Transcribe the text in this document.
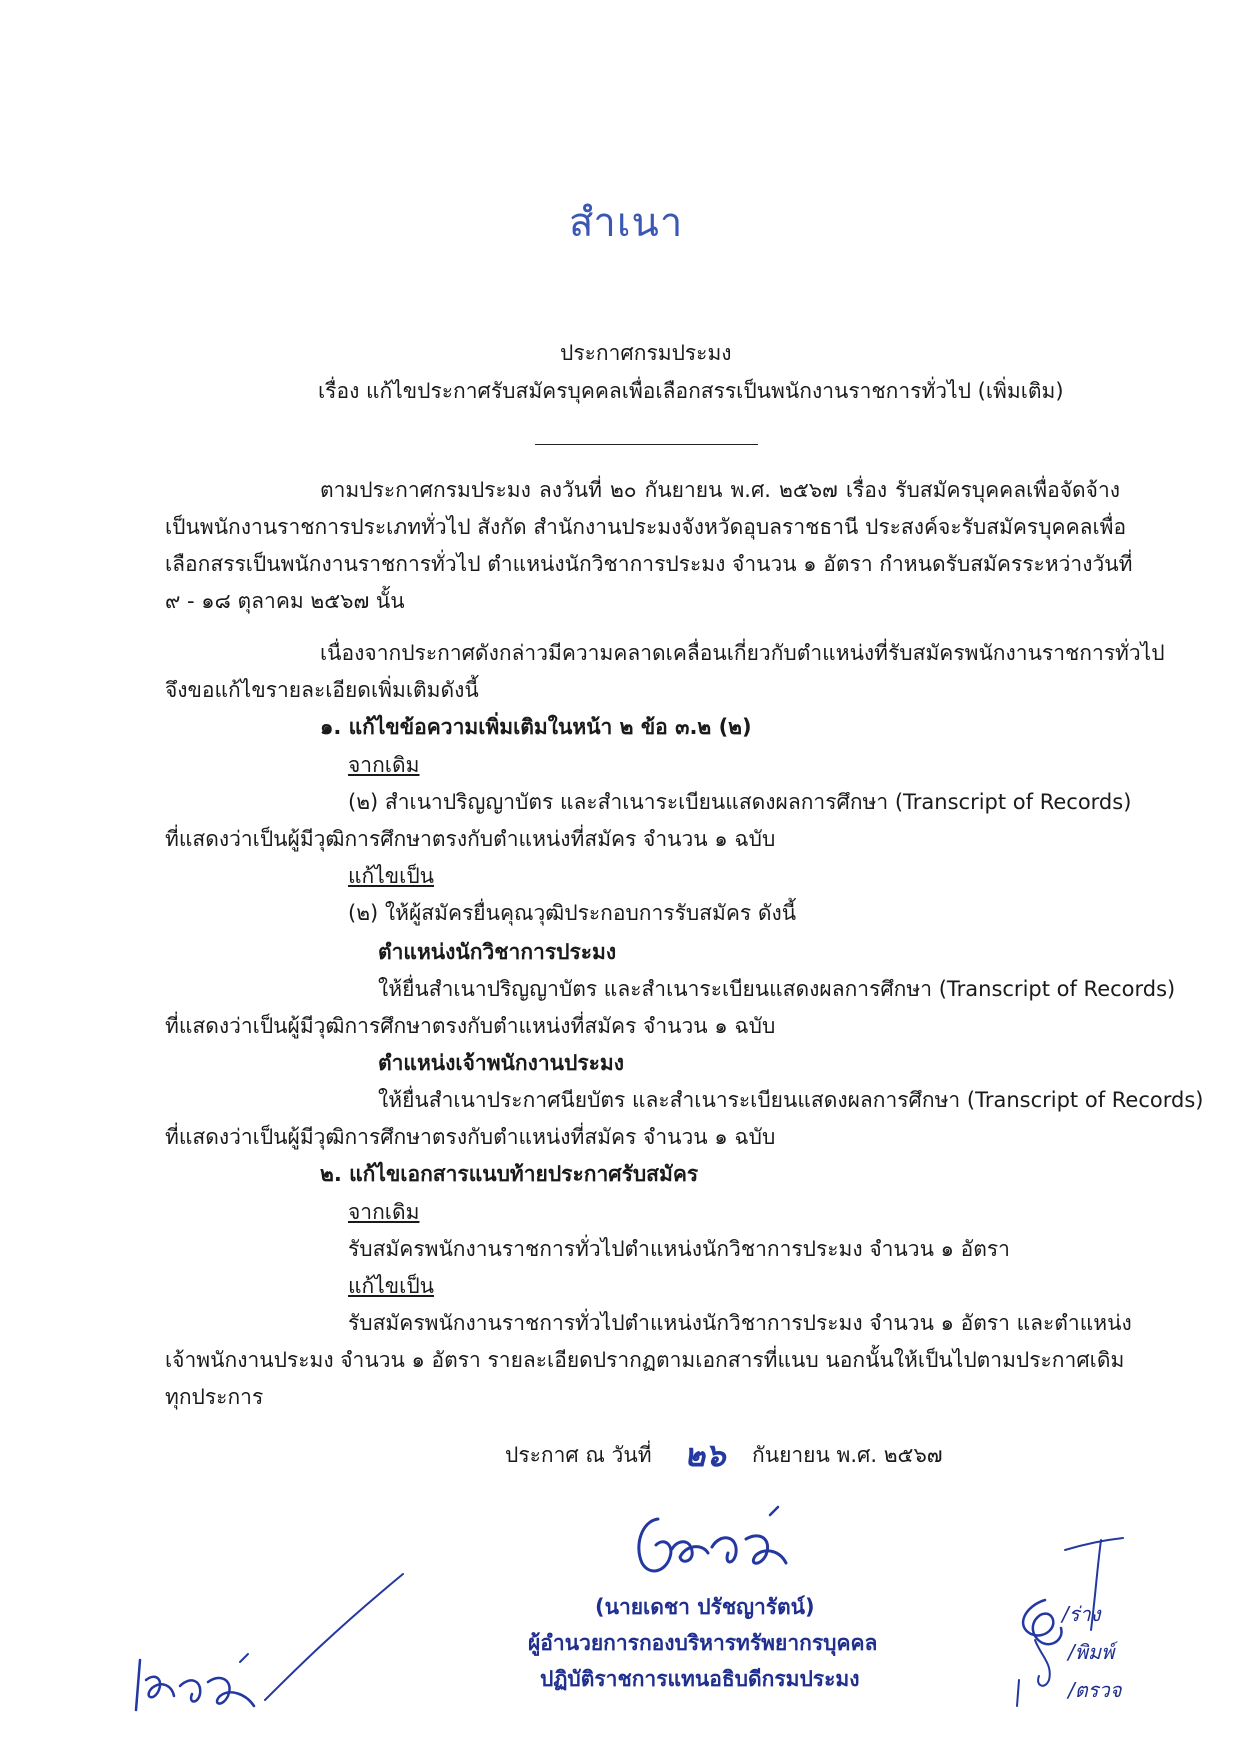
สำเนา
ประกาศกรมประมง
เรื่อง แก้ไขประกาศรับสมัครบุคคลเพื่อเลือกสรรเป็นพนักงานราชการทั่วไป (เพิ่มเติม)
ตามประกาศกรมประมง ลงวันที่ ๒๐ กันยายน พ.ศ. ๒๕๖๗ เรื่อง รับสมัครบุคคลเพื่อจัดจ้าง
เป็นพนักงานราชการประเภททั่วไป สังกัด สำนักงานประมงจังหวัดอุบลราชธานี ประสงค์จะรับสมัครบุคคลเพื่อ
เลือกสรรเป็นพนักงานราชการทั่วไป ตำแหน่งนักวิชาการประมง จำนวน ๑ อัตรา กำหนดรับสมัครระหว่างวันที่
๙ - ๑๘ ตุลาคม ๒๕๖๗ นั้น
เนื่องจากประกาศดังกล่าวมีความคลาดเคลื่อนเกี่ยวกับตำแหน่งที่รับสมัครพนักงานราชการทั่วไป
จึงขอแก้ไขรายละเอียดเพิ่มเติมดังนี้
๑. แก้ไขข้อความเพิ่มเติมในหน้า ๒ ข้อ ๓.๒ (๒)
จากเดิม
(๒) สำเนาปริญญาบัตร และสำเนาระเบียนแสดงผลการศึกษา (Transcript of Records)
ที่แสดงว่าเป็นผู้มีวุฒิการศึกษาตรงกับตำแหน่งที่สมัคร จำนวน ๑ ฉบับ
แก้ไขเป็น
(๒) ให้ผู้สมัครยื่นคุณวุฒิประกอบการรับสมัคร ดังนี้
ตำแหน่งนักวิชาการประมง
ให้ยื่นสำเนาปริญญาบัตร และสำเนาระเบียนแสดงผลการศึกษา (Transcript of Records)
ที่แสดงว่าเป็นผู้มีวุฒิการศึกษาตรงกับตำแหน่งที่สมัคร จำนวน ๑ ฉบับ
ตำแหน่งเจ้าพนักงานประมง
ให้ยื่นสำเนาประกาศนียบัตร และสำเนาระเบียนแสดงผลการศึกษา (Transcript of Records)
ที่แสดงว่าเป็นผู้มีวุฒิการศึกษาตรงกับตำแหน่งที่สมัคร จำนวน ๑ ฉบับ
๒. แก้ไขเอกสารแนบท้ายประกาศรับสมัคร
จากเดิม
รับสมัครพนักงานราชการทั่วไปตำแหน่งนักวิชาการประมง จำนวน ๑ อัตรา
แก้ไขเป็น
รับสมัครพนักงานราชการทั่วไปตำแหน่งนักวิชาการประมง จำนวน ๑ อัตรา และตำแหน่ง
เจ้าพนักงานประมง จำนวน ๑ อัตรา รายละเอียดปรากฏตามเอกสารที่แนบ นอกนั้นให้เป็นไปตามประกาศเดิม
ทุกประการ
ประกาศ ณ วันที่ ๒๖ กันยายน พ.ศ. ๒๕๖๗
(นายเดชา ปรัชญารัตน์)
ผู้อำนวยการกองบริหารทรัพยากรบุคคล
ปฏิบัติราชการแทนอธิบดีกรมประมง
/ร่าง
/พิมพ์
/ตรวจ
